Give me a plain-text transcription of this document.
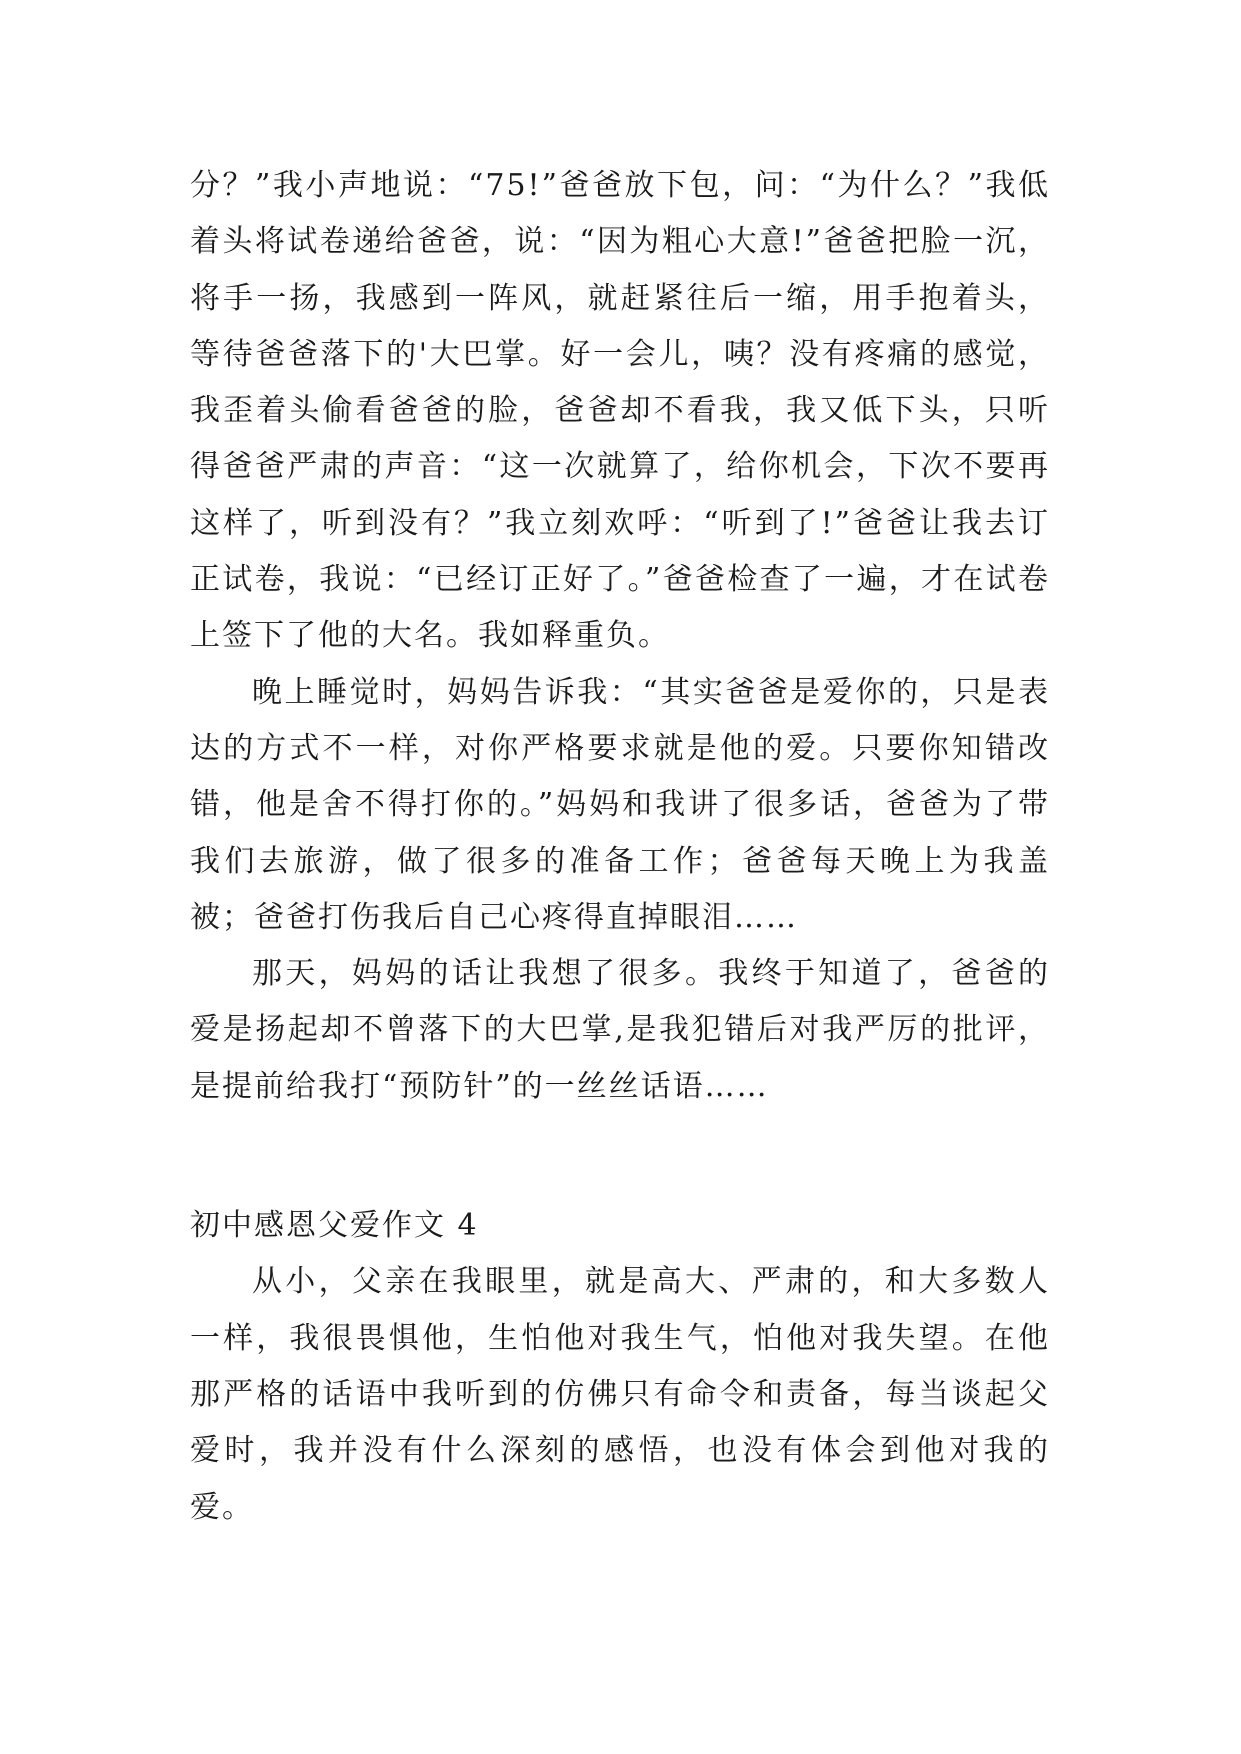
分？”我小声地说：“75!”爸爸放下包，问：“为什么？”我低着头将试卷递给爸爸，说：“因为粗心大意!”爸爸把脸一沉，将手一扬，我感到一阵风，就赶紧往后一缩，用手抱着头，等待爸爸落下的'大巴掌。好一会儿，咦？没有疼痛的感觉，我歪着头偷看爸爸的脸，爸爸却不看我，我又低下头，只听得爸爸严肃的声音：“这一次就算了，给你机会，下次不要再这样了，听到没有？”我立刻欢呼：“听到了!”爸爸让我去订正试卷，我说：“已经订正好了。”爸爸检查了一遍，才在试卷上签下了他的大名。我如释重负。

晚上睡觉时，妈妈告诉我：“其实爸爸是爱你的，只是表达的方式不一样，对你严格要求就是他的爱。只要你知错改错，他是舍不得打你的。”妈妈和我讲了很多话，爸爸为了带我们去旅游，做了很多的准备工作；爸爸每天晚上为我盖被；爸爸打伤我后自己心疼得直掉眼泪……

那天，妈妈的话让我想了很多。我终于知道了，爸爸的爱是扬起却不曾落下的大巴掌,是我犯错后对我严厉的批评，是提前给我打“预防针”的一丝丝话语……

初中感恩父爱作文 4

从小，父亲在我眼里，就是高大、严肃的，和大多数人一样，我很畏惧他，生怕他对我生气，怕他对我失望。在他那严格的话语中我听到的仿佛只有命令和责备，每当谈起父爱时，我并没有什么深刻的感悟，也没有体会到他对我的爱。
